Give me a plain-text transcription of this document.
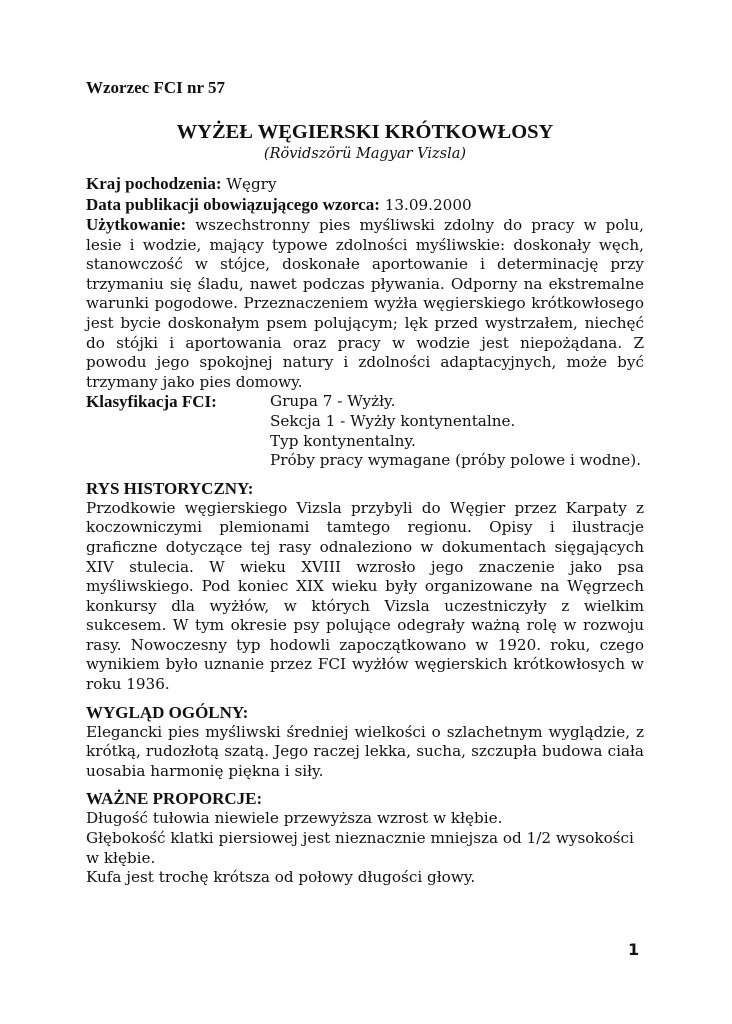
Wzorzec FCI nr 57
WYŻEŁ WĘGIERSKI KRÓTKOWŁOSY
(Rövidszörü Magyar Vizsla)
Kraj pochodzenia: Węgry
Data publikacji obowiązującego wzorca: 13.09.2000

Użytkowanie: wszechstronny pies myśliwski zdolny do pracy w polu, lesie i wodzie, mający typowe zdolności myśliwskie: doskonały węch, stanowczość w stójce, doskonałe aportowanie i determinację przy trzymaniu się śladu, nawet podczas pływania. Odporny na ekstremalne warunki pogodowe. Przeznaczeniem wyżła węgierskiego krótkowłosego jest bycie doskonałym psem polującym; lęk przed wystrzałem, niechęć do stójki i aportowania oraz pracy w wodzie jest niepożądana. Z powodu jego spokojnej natury i zdolności adaptacyjnych, może być trzymany jako pies domowy.

Klasyfikacja FCI:	Grupa 7 - Wyżły.
Sekcja 1 - Wyżły kontynentalne.
Typ kontynentalny.
Próby pracy wymagane (próby polowe i wodne).
RYS HISTORYCZNY:

Przodkowie węgierskiego Vizsla przybyli do Węgier przez Karpaty z koczowniczymi plemionami tamtego regionu. Opisy i ilustracje graficzne dotyczące tej rasy odnaleziono w dokumentach sięgających XIV stulecia. W wieku XVIII wzrosło jego znaczenie jako psa myśliwskiego. Pod koniec XIX wieku były organizowane na Węgrzech konkursy dla wyżłów, w których Vizsla uczestniczyły z wielkim sukcesem. W tym okresie psy polujące odegrały ważną rolę w rozwoju rasy. Nowoczesny typ hodowli zapoczątkowano w 1920. roku, czego wynikiem było uznanie przez FCI wyżłów węgierskich krótkowłosych w roku 1936.

WYGLĄD OGÓLNY:

Elegancki pies myśliwski średniej wielkości o szlachetnym wyglądzie, z krótką, rudozłotą szatą. Jego raczej lekka, sucha, szczupła budowa ciała uosabia harmonię piękna i siły.

WAŻNE PROPORCJE:
Długość tułowia niewiele przewyższa wzrost w kłębie.
Głębokość klatki piersiowej jest nieznacznie mniejsza od 1/2 wysokości w kłębie.
Kufa jest trochę krótsza od połowy długości głowy.
1
